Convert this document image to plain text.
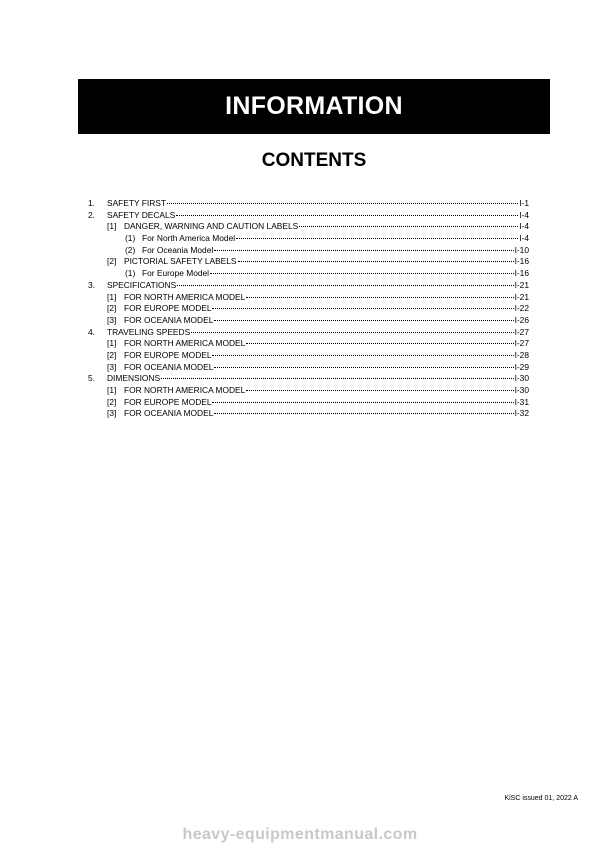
INFORMATION
CONTENTS
1.	SAFETY FIRST	I-1
2.	SAFETY DECALS	I-4
[1] DANGER, WARNING AND CAUTION LABELS	I-4
(1) For North America Model	I-4
(2) For Oceania Model	I-10
[2] PICTORIAL SAFETY LABELS	I-16
(1) For Europe Model	I-16
3.	SPECIFICATIONS	I-21
[1] FOR NORTH AMERICA MODEL	I-21
[2] FOR EUROPE MODEL	I-22
[3] FOR OCEANIA MODEL	I-26
4.	TRAVELING SPEEDS	I-27
[1] FOR NORTH AMERICA MODEL	I-27
[2] FOR EUROPE MODEL	I-28
[3] FOR OCEANIA MODEL	I-29
5.	DIMENSIONS	I-30
[1] FOR NORTH AMERICA MODEL	I-30
[2] FOR EUROPE MODEL	I-31
[3] FOR OCEANIA MODEL	I-32
KiSC issued 01, 2022 A
heavy-equipmentmanual.com
